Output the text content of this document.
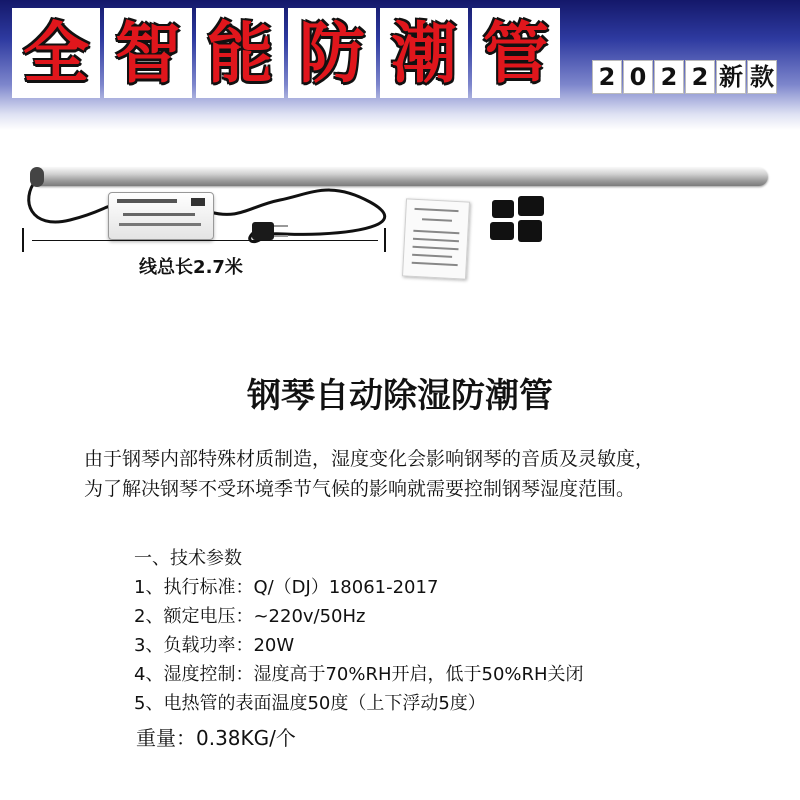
全 智 能 防 潮 管	2 0 2 2 新 款
线总长2.7米
钢琴自动除湿防潮管

由于钢琴内部特殊材质制造，湿度变化会影响钢琴的音质及灵敏度，

为了解决钢琴不受环境季节气候的影响就需要控制钢琴湿度范围。

一、技术参数
1、执行标准：Q/（DJ）18061-2017
2、额定电压：~220v/50Hz
3、负载功率：20W
4、湿度控制：湿度高于70%RH开启，低于50%RH关闭
5、电热管的表面温度50度（上下浮动5度）
重量：0.38KG/个
